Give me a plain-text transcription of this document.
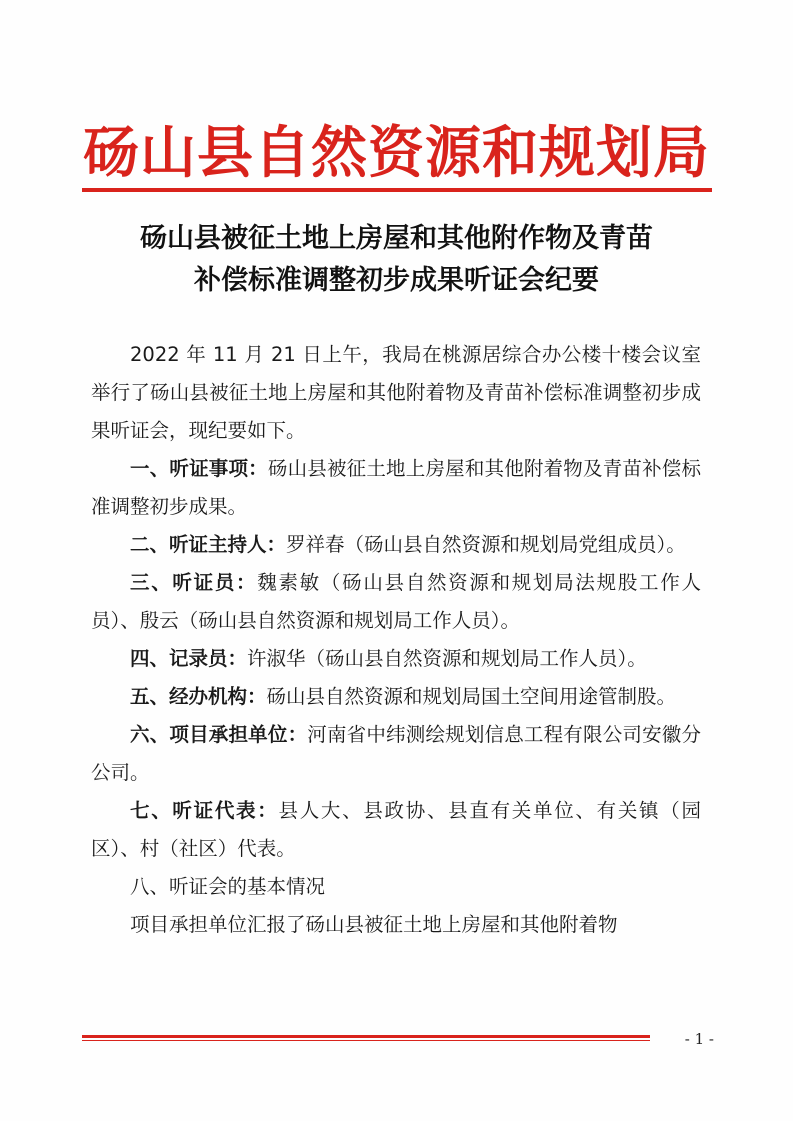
砀山县自然资源和规划局
砀山县被征土地上房屋和其他附作物及青苗
补偿标准调整初步成果听证会纪要

2022 年 11 月 21 日上午，我局在桃源居综合办公楼十楼会议室举行了砀山县被征土地上房屋和其他附着物及青苗补偿标准调整初步成果听证会，现纪要如下。

一、听证事项：砀山县被征土地上房屋和其他附着物及青苗补偿标准调整初步成果。

二、听证主持人：罗祥春（砀山县自然资源和规划局党组成员）。

三、听证员：魏素敏（砀山县自然资源和规划局法规股工作人员）、殷云（砀山县自然资源和规划局工作人员）。

四、记录员：许淑华（砀山县自然资源和规划局工作人员）。

五、经办机构：砀山县自然资源和规划局国土空间用途管制股。

六、项目承担单位：河南省中纬测绘规划信息工程有限公司安徽分公司。

七、听证代表：县人大、县政协、县直有关单位、有关镇（园区）、村（社区）代表。

八、听证会的基本情况

项目承担单位汇报了砀山县被征土地上房屋和其他附着物

- 1 -
